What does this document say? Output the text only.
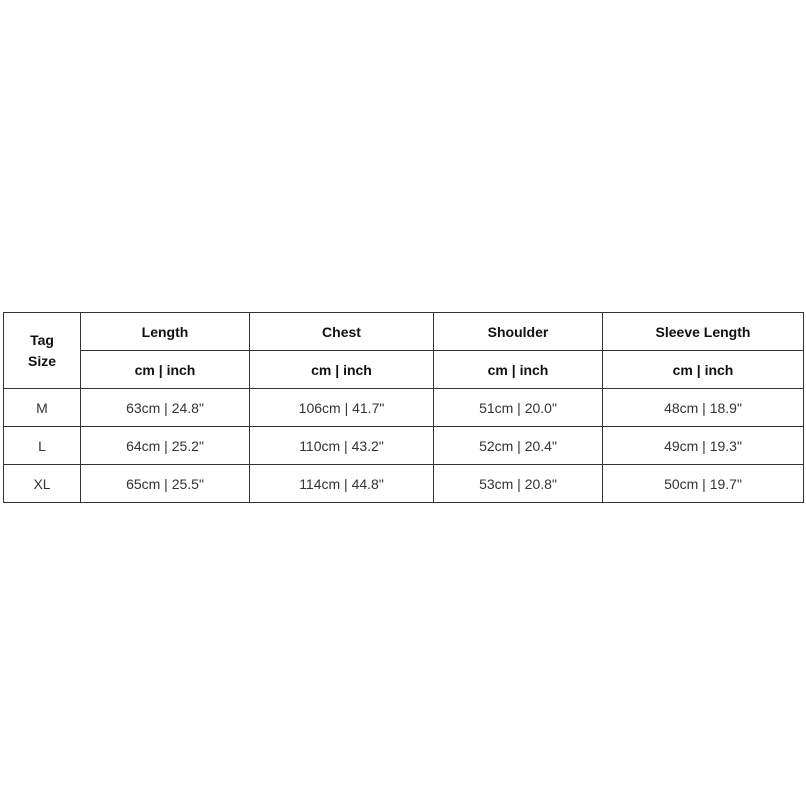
Tag
Size	Length	Chest	Shoulder	Sleeve Length
	cm | inch	cm | inch	cm | inch	cm | inch
M	63cm | 24.8"	106cm | 41.7"	51cm | 20.0"	48cm | 18.9"
L	64cm | 25.2"	110cm | 43.2"	52cm | 20.4"	49cm | 19.3"
XL	65cm | 25.5"	114cm | 44.8"	53cm | 20.8"	50cm | 19.7"
